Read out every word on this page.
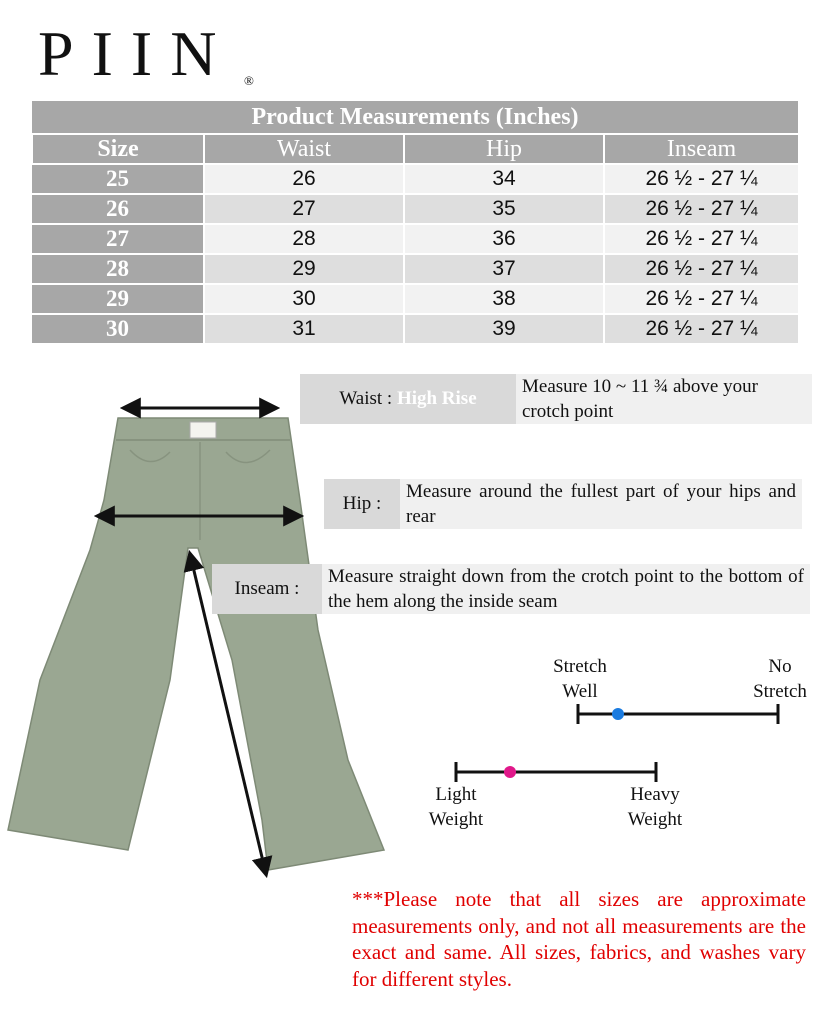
PIIN ®
Product Measurements (Inches)			
Size	Waist	Hip	Inseam
25	26	34	26 ½ - 27 ¼
26	27	35	26 ½ - 27 ¼
27	28	36	26 ½ - 27 ¼
28	29	37	26 ½ - 27 ¼
29	30	38	26 ½ - 27 ¼
30	31	39	26 ½ - 27 ¼
Waist :
High Rise
Measure 10 ~ 11 ¾ above your crotch point
Hip :
Measure around the fullest part of your hips and rear
Inseam :
Measure straight down from the crotch point to the bottom of the hem along the inside seam
Stretch Well
No Stretch
Light Weight
Heavy Weight
***Please note that all sizes are approximate measurements only, and not all measurements are the exact and same. All sizes, fabrics, and washes vary for different styles.
